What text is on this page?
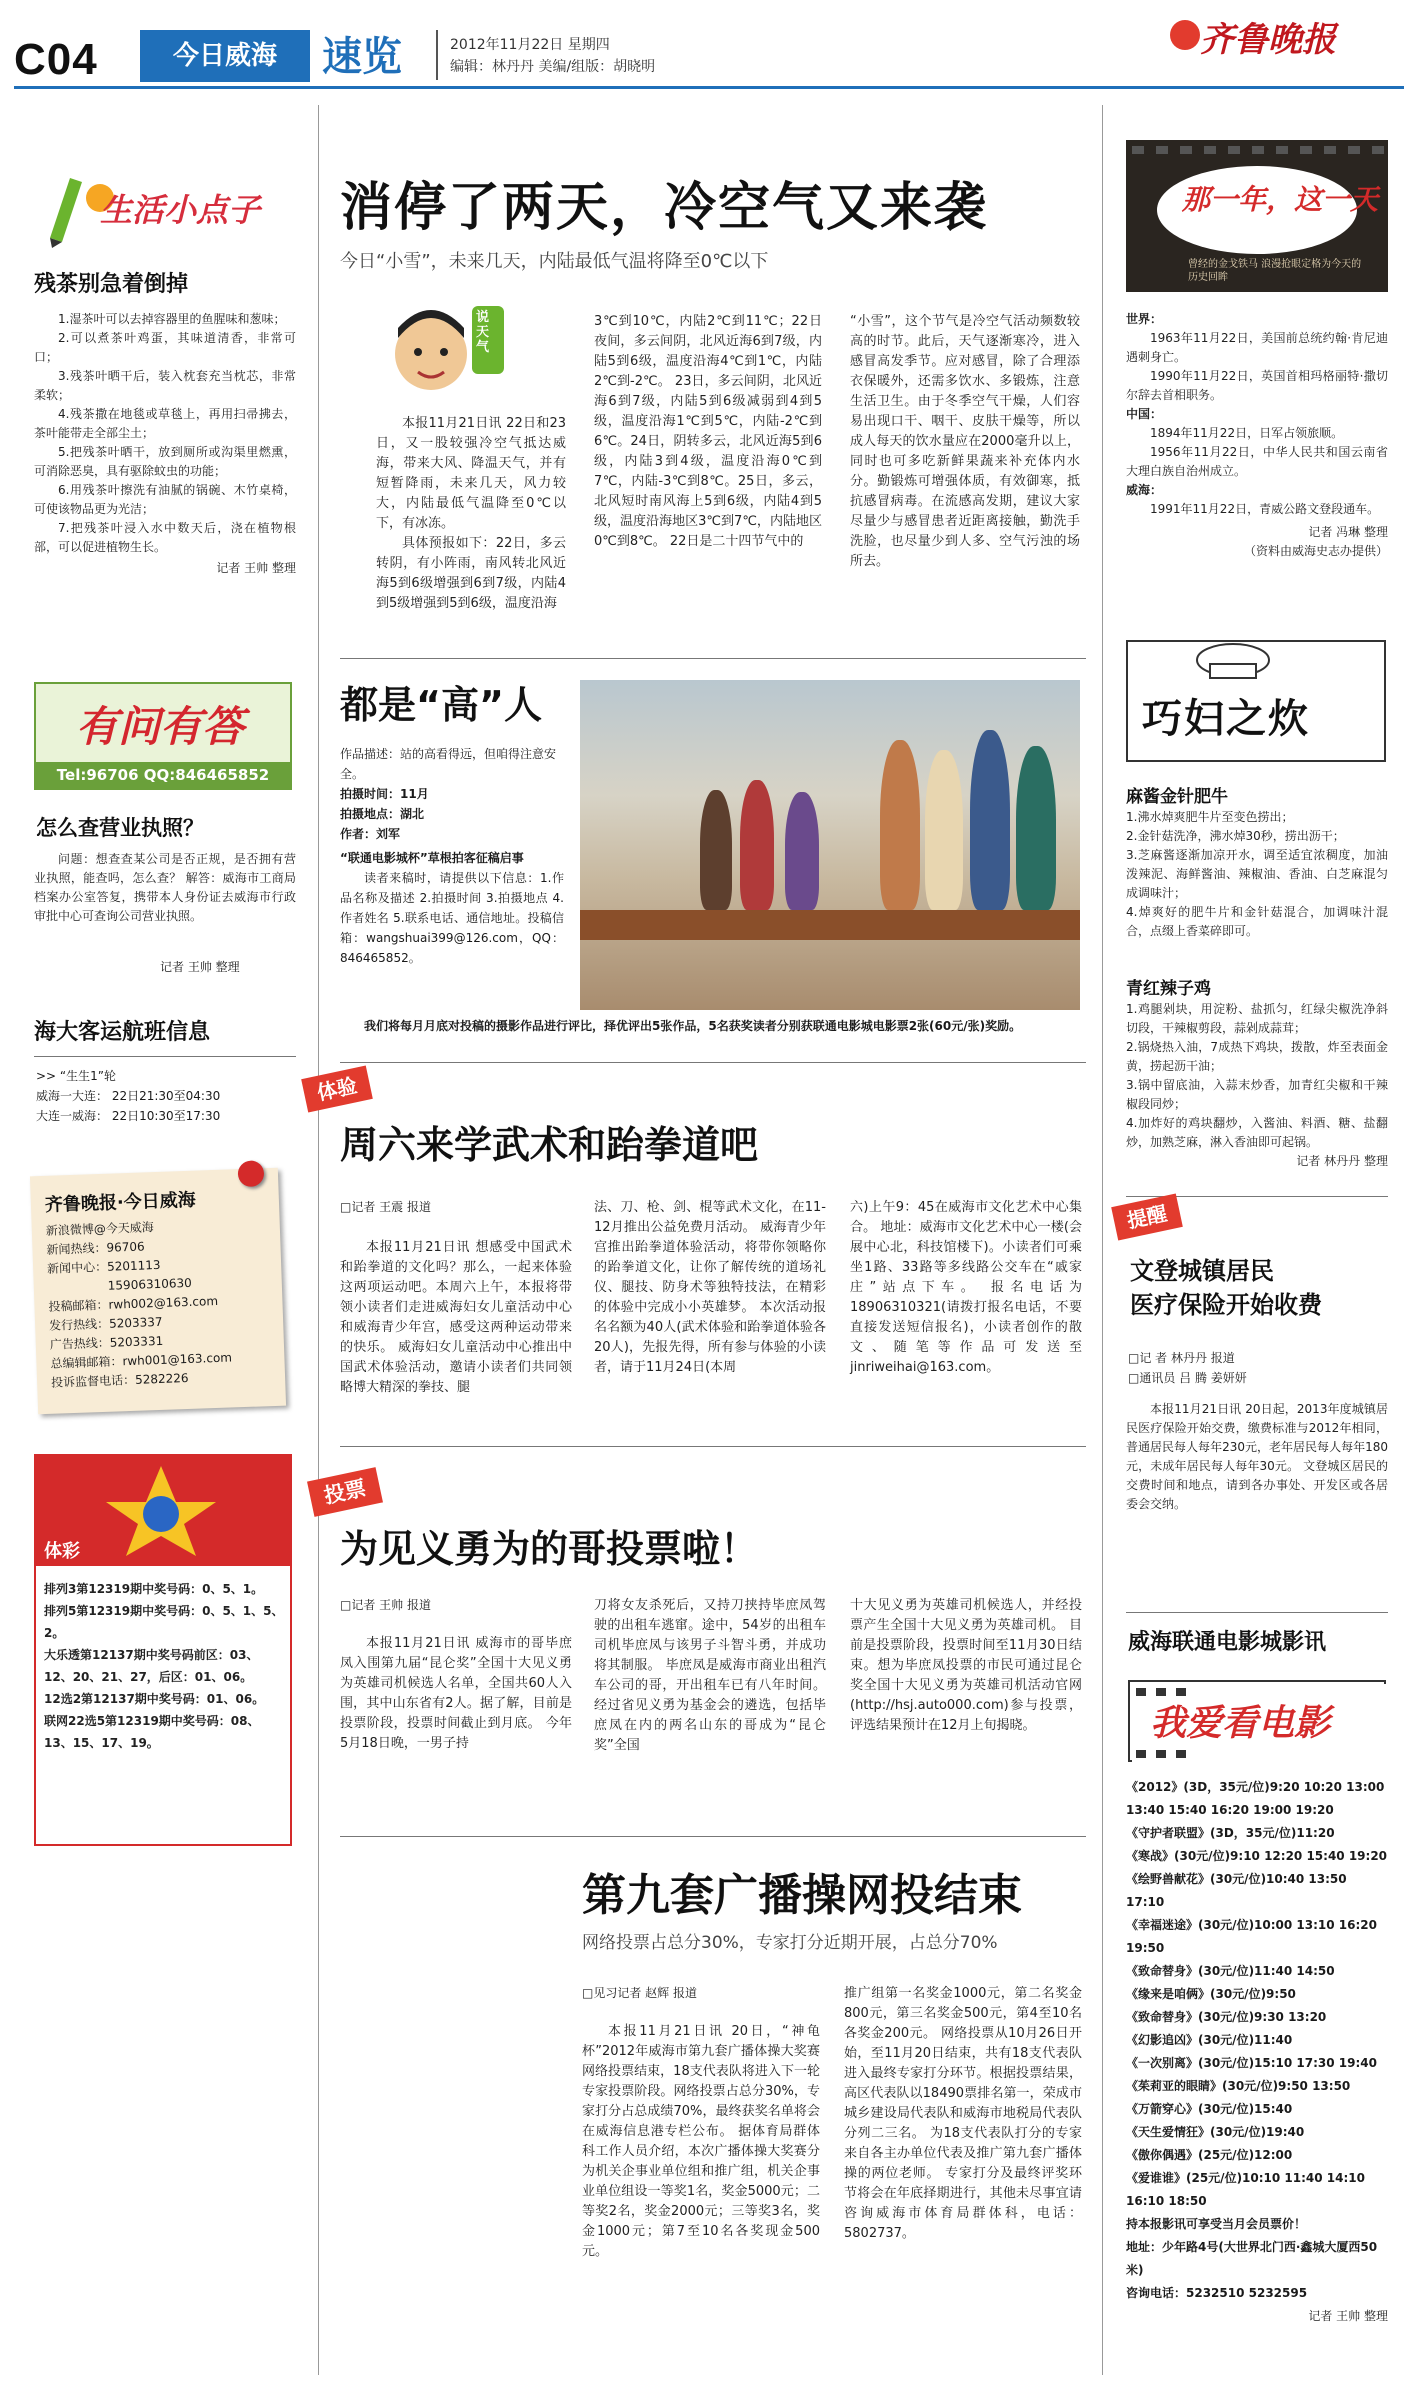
C04	今日威海	速览	2012年11月22日 星期四
编辑：林丹丹 美编/组版：胡晓明
齐鲁晚报
生活小点子
残茶别急着倒掉
1.湿茶叶可以去掉容器里的鱼腥味和葱味；
2.可以煮茶叶鸡蛋，其味道清香，非常可口；
3.残茶叶晒干后，装入枕套充当枕芯，非常柔软；
4.残茶撒在地毯或草毯上，再用扫帚拂去，茶叶能带走全部尘土；
5.把残茶叶晒干，放到厕所或沟渠里燃熏，可消除恶臭，具有驱除蚊虫的功能；
6.用残茶叶擦洗有油腻的锅碗、木竹桌椅，可使该物品更为光洁；
7.把残茶叶浸入水中数天后，浇在植物根部，可以促进植物生长。
记者 王帅 整理
有问有答
Tel:96706 QQ:846465852
怎么查营业执照？
问题：想查查某公司是否正规，是否拥有营业执照，能查吗，怎么查？ 解答：威海市工商局档案办公室答复，携带本人身份证去威海市行政审批中心可查询公司营业执照。
记者 王帅 整理
海大客运航班信息
>> “生生1”轮
威海一大连： 22日21:30至04:30
大连一威海： 22日10:30至17:30
齐鲁晚报·今日威海
新浪微博@今天威海
新闻热线：96706
新闻中心：5201113
15906310630
投稿邮箱：rwh002@163.com
发行热线：5203337
广告热线：5203331
总编辑邮箱：rwh001@163.com
投诉监督电话：5282226
体彩
排列3第12319期中奖号码：0、5、1。
排列5第12319期中奖号码：0、5、1、5、2。
大乐透第12137期中奖号码前区：03、12、20、21、27，后区：01、06。
12选2第12137期中奖号码：01、06。
联网22选5第12319期中奖号码：08、13、15、17、19。
消停了两天，冷空气又来袭
今日“小雪”，未来几天，内陆最低气温将降至0℃以下
说天气

本报11月21日讯 22日和23日，又一股较强冷空气抵达威海，带来大风、降温天气，并有短暂降雨，未来几天，风力较大，内陆最低气温降至0℃以下，有冰冻。

具体预报如下：22日，多云转阴，有小阵雨，南风转北风近海5到6级增强到6到7级，内陆4到5级增强到5到6级，温度沿海

3℃到10℃，内陆2℃到11℃；22日夜间，多云间阴，北风近海6到7级，内陆5到6级，温度沿海4℃到1℃，内陆2℃到-2℃。 23日，多云间阴，北风近海6到7级，内陆5到6级减弱到4到5级，温度沿海1℃到5℃，内陆-2℃到6℃。24日，阴转多云，北风近海5到6级，内陆3到4级，温度沿海0℃到7℃，内陆-3℃到8℃。25日，多云，北风短时南风海上5到6级，内陆4到5级，温度沿海地区3℃到7℃，内陆地区0℃到8℃。 22日是二十四节气中的
“小雪”，这个节气是冷空气活动频数较高的时节。此后，天气逐渐寒冷，进入感冒高发季节。应对感冒，除了合理添衣保暖外，还需多饮水、多锻炼，注意生活卫生。由于冬季空气干燥，人们容易出现口干、咽干、皮肤干燥等，所以成人每天的饮水量应在2000毫升以上，同时也可多吃新鲜果蔬来补充体内水分。勤锻炼可增强体质，有效御寒，抵抗感冒病毒。在流感高发期，建议大家尽量少与感冒患者近距离接触，勤洗手洗脸，也尽量少到人多、空气污浊的场所去。
都是“高”人
作品描述：站的高看得远，但咱得注意安全。
拍摄时间：11月
拍摄地点：湖北
作者：刘军
“联通电影城杯”草根拍客征稿启事
读者来稿时，请提供以下信息：1.作品名称及描述 2.拍摄时间 3.拍摄地点 4.作者姓名 5.联系电话、通信地址。投稿信箱：wangshuai399@126.com，QQ：846465852。
我们将每月月底对投稿的摄影作品进行评比，择优评出5张作品，5名获奖读者分别获联通电影城电影票2张(60元/张)奖励。
体验
周六来学武术和跆拳道吧
□记者 王震 报道
本报11月21日讯 想感受中国武术和跆拳道的文化吗？那么，一起来体验这两项运动吧。本周六上午，本报将带领小读者们走进威海妇女儿童活动中心和威海青少年宫，感受这两种运动带来的快乐。 威海妇女儿童活动中心推出中国武术体验活动，邀请小读者们共同领略博大精深的拳技、腿
法、刀、枪、剑、棍等武术文化，在11-12月推出公益免费月活动。 威海青少年宫推出跆拳道体验活动，将带你领略你的跆拳道文化，让你了解传统的道场礼仪、腿技、防身术等独特技法，在精彩的体验中完成小小英雄梦。 本次活动报名名额为40人(武术体验和跆拳道体验各20人)，先报先得，所有参与体验的小读者，请于11月24日(本周
六)上午9：45在威海市文化艺术中心集合。 地址：威海市文化艺术中心一楼(会展中心北，科技馆楼下)。小读者们可乘坐1路、33路等多线路公交车在“戚家庄”站点下车。 报名电话为18906310321(请拨打报名电话，不要直接发送短信报名)，小读者创作的散文、随笔等作品可发送至jinriweihai@163.com。
投票
为见义勇为的哥投票啦！
□记者 王帅 报道
本报11月21日讯 威海市的哥毕庶凤入围第九届“昆仑奖”全国十大见义勇为英雄司机候选人名单，全国共60人入围，其中山东省有2人。据了解，目前是投票阶段，投票时间截止到月底。 今年5月18日晚，一男子持
刀将女友杀死后，又持刀挟持毕庶凤驾驶的出租车逃窜。途中，54岁的出租车司机毕庶凤与该男子斗智斗勇，并成功将其制服。 毕庶凤是威海市商业出租汽车公司的哥，开出租车已有八年时间。经过省见义勇为基金会的遴选，包括毕庶凤在内的两名山东的哥成为“昆仑奖”全国
十大见义勇为英雄司机候选人，并经投票产生全国十大见义勇为英雄司机。 目前是投票阶段，投票时间至11月30日结束。想为毕庶凤投票的市民可通过昆仑奖全国十大见义勇为英雄司机活动官网(http://hsj.auto000.com)参与投票，评选结果预计在12月上旬揭晓。
第九套广播操网投结束
网络投票占总分30%，专家打分近期开展，占总分70%
□见习记者 赵辉 报道
本报11月21日讯 20日，“神龟杯”2012年威海市第九套广播体操大奖赛网络投票结束，18支代表队将进入下一轮专家投票阶段。网络投票占总分30%，专家打分占总成绩70%，最终获奖名单将会在威海信息港专栏公布。 据体育局群体科工作人员介绍，本次广播体操大奖赛分为机关企事业单位组和推广组，机关企事业单位组设一等奖1名，奖金5000元；二等奖2名，奖金2000元；三等奖3名，奖金1000元；第7至10名各奖现金500元。
推广组第一名奖金1000元，第二名奖金800元，第三名奖金500元，第4至10名各奖金200元。 网络投票从10月26日开始，至11月20日结束，共有18支代表队进入最终专家打分环节。根据投票结果，高区代表队以18490票排名第一，荣成市城乡建设局代表队和威海市地税局代表队分列二三名。 为18支代表队打分的专家来自各主办单位代表及推广第九套广播体操的两位老师。 专家打分及最终评奖环节将会在年底择期进行，其他未尽事宜请咨询威海市体育局群体科，电话：5802737。
那一年，这一天
曾经的金戈铁马 浪漫抢眼定格为今天的历史回眸
世界：
1963年11月22日，美国前总统约翰·肯尼迪遇刺身亡。
1990年11月22日，英国首相玛格丽特·撒切尔辞去首相职务。
中国：
1894年11月22日，日军占领旅顺。
1956年11月22日，中华人民共和国云南省大理白族自治州成立。
威海：
1991年11月22日，青威公路文登段通车。
记者 冯琳 整理
（资料由威海史志办提供）
巧妇之炊
麻酱金针肥牛
1.沸水焯爽肥牛片至变色捞出；
2.金针菇洗净，沸水焯30秒，捞出沥干；
3.芝麻酱逐渐加凉开水，调至适宜浓稠度，加油泼辣泥、海鲜酱油、辣椒油、香油、白芝麻混匀成调味汁；
4.焯爽好的肥牛片和金针菇混合，加调味汁混合，点缀上香菜碎即可。
青红辣子鸡
1.鸡腿剁块，用淀粉、盐抓匀，红绿尖椒洗净斜切段，干辣椒剪段，蒜剁成蒜茸；
2.锅烧热入油，7成热下鸡块，拨散，炸至表面金黄，捞起沥干油；
3.锅中留底油，入蒜末炒香，加青红尖椒和干辣椒段同炒；
4.加炸好的鸡块翻炒，入酱油、料酒、糖、盐翻炒，加熟芝麻，淋入香油即可起锅。
记者 林丹丹 整理
提醒
文登城镇居民
医疗保险开始收费
□记 者 林丹丹 报道
□通讯员 吕 腾 姜妍妍
本报11月21日讯 20日起，2013年度城镇居民医疗保险开始交费，缴费标准与2012年相同，普通居民每人每年230元，老年居民每人每年180元，未成年居民每人每年30元。 文登城区居民的交费时间和地点，请到各办事处、开发区或各居委会交纳。
威海联通电影城影讯
我爱看电影
《2012》(3D，35元/位)9:20 10:20 13:00 13:40 15:40 16:20 19:00 19:20
《守护者联盟》(3D，35元/位)11:20
《寒战》(30元/位)9:10 12:20 15:40 19:20
《绘野兽献花》(30元/位)10:40 13:50 17:10
《幸福迷途》(30元/位)10:00 13:10 16:20 19:50
《致命替身》(30元/位)11:40 14:50
《缘来是咱俩》(30元/位)9:50
《致命替身》(30元/位)9:30 13:20
《幻影追凶》(30元/位)11:40
《一次别离》(30元/位)15:10 17:30 19:40
《茱莉亚的眼睛》(30元/位)9:50 13:50
《万箭穿心》(30元/位)15:40
《天生爱情狂》(30元/位)19:40
《傲你偶遇》(25元/位)12:00
《爱谁谁》(25元/位)10:10 11:40 14:10 16:10 18:50
持本报影讯可享受当月会员票价！
地址：少年路4号(大世界北门西·鑫城大厦西50米)
咨询电话：5232510 5232595
记者 王帅 整理
